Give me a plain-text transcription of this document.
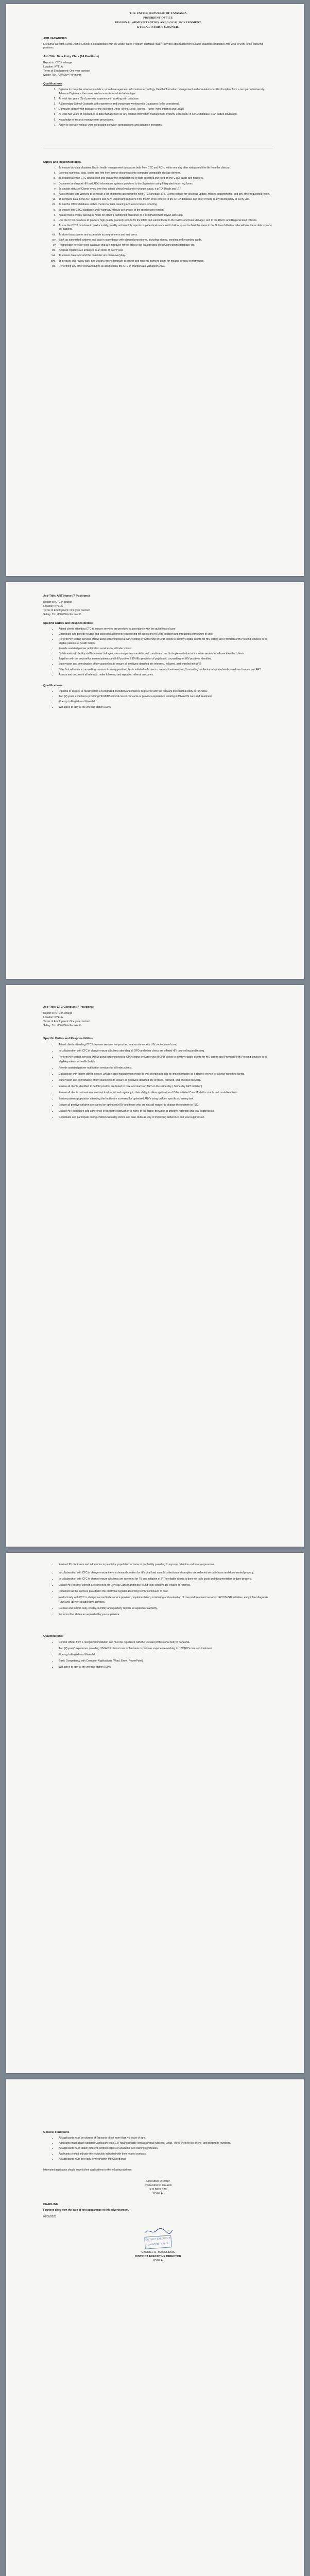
THE UNITED REPUBLIC OF TANZANIA
PRESIDENT OFFICE
REGIONAL ADMINISTRATION AND LOCAL GOVERNMENT
KYELA DISTRICT C.OUNCIL
JOB VACANCIES

Executive Director, Kyela District Council in collaboration with the Walter Reed Program Tanzania (WRP-T) invites application from suitable qualified candidates who wish to work in the following positions.

Job Title: Data Entry Clerk (14 Positions)

Report to: CTC in-charge

Location: KYELA

Terms of Employment: One year contract

Salary: Tsh. 700,000/= Per month

Qualifications
1. Diploma in computer science, statistics, record management, information technology, Health information management and or related scientific discipline from a recognized university. Advance Diploma in the mentioned courses is an added advantage.
2. At least two years (2) of previous experience in working with database.
3. A Secondary School Graduate with experience and knowledge working with Databases (to be considered).
4. Computer literacy with package of the Microsoft Office (Word, Excel, Access, Power Point, Internet and Email).
5. At least two years of experience in data management or any related Information Management System, experience in CTC2 database is an added advantage.
6. Knowledge of records management procedures.
7. Ability to operate various word processing software, spreadsheets and database programs.
Duties and Responsibilities.
i. To ensure bio-data of patient files in health management databases both from CTC and RCH; within one day after visitation of the file from the clinician.
ii. Entering numerical data, codes and text from source documents into computer-compatible storage devices.
iii. To collaborate with CTC clinical staff and ensure the completeness of data collected and filled on the CTCs cards and registers.
iv. Document and report HIV and AIDS information systems problems to the Supervisor using Integrated report log forms.
v. To update status of Clients every time they attend clinical visit and or change status, e.g TO, Death and LTF.
vi. Assist Health care workers to generate a list of patients attending the next CTC schedule, LTF, Clients eligible for viral load update, missed appointments, and any other requested report.
vii. To compare data in the ART registers and ARV Dispensing registers if the month three entered to the CTC2 database and enter if there is any discrepancy at every visit.
viii. To run the CTC2 database author checks for data cleaning and errors before reporting.
ix. To ensure that CTC2 database and Pharmacy Module are always of the most recent version.
x. Assure that a weekly backup is made on either a partitioned hard drive or a designated hard drive/Flash Disk.
xi. Use the CTC2 database to produce high quality quarterly reports for the DMO and submit these to the DACC and Data Manager, and to the RACC and Regional lead Officers.
xii. To use the CTC2 database to produce daily, weekly and monthly reports on patients who are lost to follow up and submit the same to the Outreach Partner who will use these data to trace the patients.
xiii. To store data sources and accessible to programmers and end users.
xiv. Back up automated systems and data in accordance with planned procedures, including storing, sending and recording cards.
xv. Responsible for every new database that are introduce for the project like Tracerecard, Mobi Connections database etc.
xvi. Keep all registers are arranged in an order of every year.
xvii. To ensure data sync and the computer are clean everyday.
xviii. To prepare and review daily and weekly reports template to district and regional partners team, for making general performance.
xix. Performing any other relevant duties as assigned by the CTC in charge/Data Manager/DACC.
Job Title: ART Nurse (7 Positions)

Report to: CTC in-charge

Location: KYELA

Terms of Employment: One year contract

Salary: Tsh. 800,000/= Per month

Specific Duties and Responsibilities
• Attend clients attending CTC to ensure services are provided in accordance with the guidelines of care.
• Coordinate and provide routine and assessed adherence counselling for clients prior to ART initiation and throughout continuum of care.
• Perform HIV testing services (HTS) using screening tool at OPD setting by Screening of OPD clients to identify eligible clients for HIV testing and Provision of HIV testing services to all eligible patients at health facility.
• Provide assisted partner notification services for all index clients.
• Collaborate with facility staff to ensure Linkage case management model is well coordinated and its implementation as a routine service for all new identified clients.
• Together with the counsellor, ensure patients and HIV positive EID/HEIs provision of psychiatric counselling for HIV positives identified.
• Supervision and coordination of lay counsellors to ensure all positives identified are informed, followed, and enrolled into ART.
• Offer first adherence counselling sessions to newly positive clients initiated reflexive to care and treatment and Counselling on the importance of early enrollment to care and ART.
• Assess and document all referrals, make follow-up and report on referral outcomes.
Qualifications:
• Diploma or Degree in Nursing from a recognized institution and must be registered with the relevant professional body in Tanzania.
• Two (2) years experience providing HIV/AIDS clinical care in Tanzania or previous experience working in HIV/AIDS care and treatment.
• Fluency in English and Kiswahili.
• Will agree to stay at the working station 100%.
Job Title: CTC Clinician (7 Positions)

Report to: CTC In-charge

Location: KYELA

Terms of Employment: One year contract

Salary: Tsh. 800,000/= Per month

Specific Duties and Responsibilities
• Attend clients attending CTC to ensure services are provided in accordance with HIV continuum of care.
• In collaboration with CTC in charge ensure all clients attending all OPD and other clinics are offered HIV counselling and testing.
• Perform HIV testing services (HTS) using screening tool at OPD setting by Screening of OPD clients to identify eligible clients for HIV testing and Provision of HIV testing services to all eligible patients at health facility.
• Provide assisted partner notification services for all index clients.
• Collaborate with facility staff to ensure Linkage case management model is well coordinated and its implementation as a routine service for all new identified clients.
• Supervision and coordination of lay counsellors to ensure all positives identified are enrolled, followed, and enrolled into ART.
• Ensure all clients identified to be HIV positive are linked to care and starts on ART on the same day ( Same day ART initiation)
• Ensure all clients on treatment are viral load monitored regularly to their ability to allow application of Differentiated Care Model for stable and unstable clients.
• Ensure patients population attending the facility are screened for optimized ARVs using uniform specific screening tool.
• Ensure all positive children are started on optimized ARV and those who are not still register to change the regimen to TLD.
• Ensure HIV disclosure and adherence in paediatric population in home of the facility providing to improve retention and viral suppression.
• Coordinate and participate during children Saturday clinics and teen clubs as way of improving adherence and viral suppression.
• Ensure HIV disclosure and adherence in paediatric population in home of the facility providing to improve retention and viral suppression.
• In collaboration with CTC in charge ensure there is demand creation for HIV viral load sample collection and samples are collected on daily basis and documented properly.
• In collaboration with CTC in charge ensure all clients are screened for TB and initiation of IPT to eligible clients is done on daily basis and documentation is done properly.
• Ensure HIV positive women are screened for Cervical Cancer and those found to be positive are treated or referred.
• Document all the services provided in the electronic register according to HIV continuum of care.
• Work closely with CTC in charge to coordinate service provision, implementation, monitoring and evaluation of care and treatment services, IEC/HIV/STI activities, early infant diagnosis (EID) and TB/HIV collaborative activities.
• Prepare and submit daily, weekly, monthly and quarterly reports to supervisor authority.
• Perform other duties as requested by your supervisor.
Qualifications:
• Clinical Officer from a recognized institution and must be registered with the relevant professional body in Tanzania.
• Two (2) years' experience providing HIV/AIDS clinical care in Tanzania or previous experience working in HIV/AIDS care and treatment.
• Fluency in English and Kiswahili.
• Basic Competency with Computer Applications (Word, Excel, PowerPoint).
• Will agree to stay at the working station 100%.
General conditions
• All applicants must be citizens of Tanzania of not more than 45 years of age.
• Applicants must attach updated Curriculum vitae(CV) having reliable contact (Postal Address, Email, Three (next)of kin phone, and telephone numbers.
• All applicants must attach different certified copies of academic and training certificates.
• Applicants should indicate the region/job indicated with their related contacts.
• All applicants must be ready to work within Mbeya regional.

Interested applicants should submit their applications to the following address:

Executive Director
Kyela District Council
P.O.BOX 320
KYELA
DEADLINE

Fourteen days from the date of first appearance of this advertisement.

01/09/2023

DISTRICT EXECUTIVE DIRECTOR KYELA
EZEKIEL H. MAGEHEMA
DISTRICT EXECUTIVE DIRECTOR
KYELA
